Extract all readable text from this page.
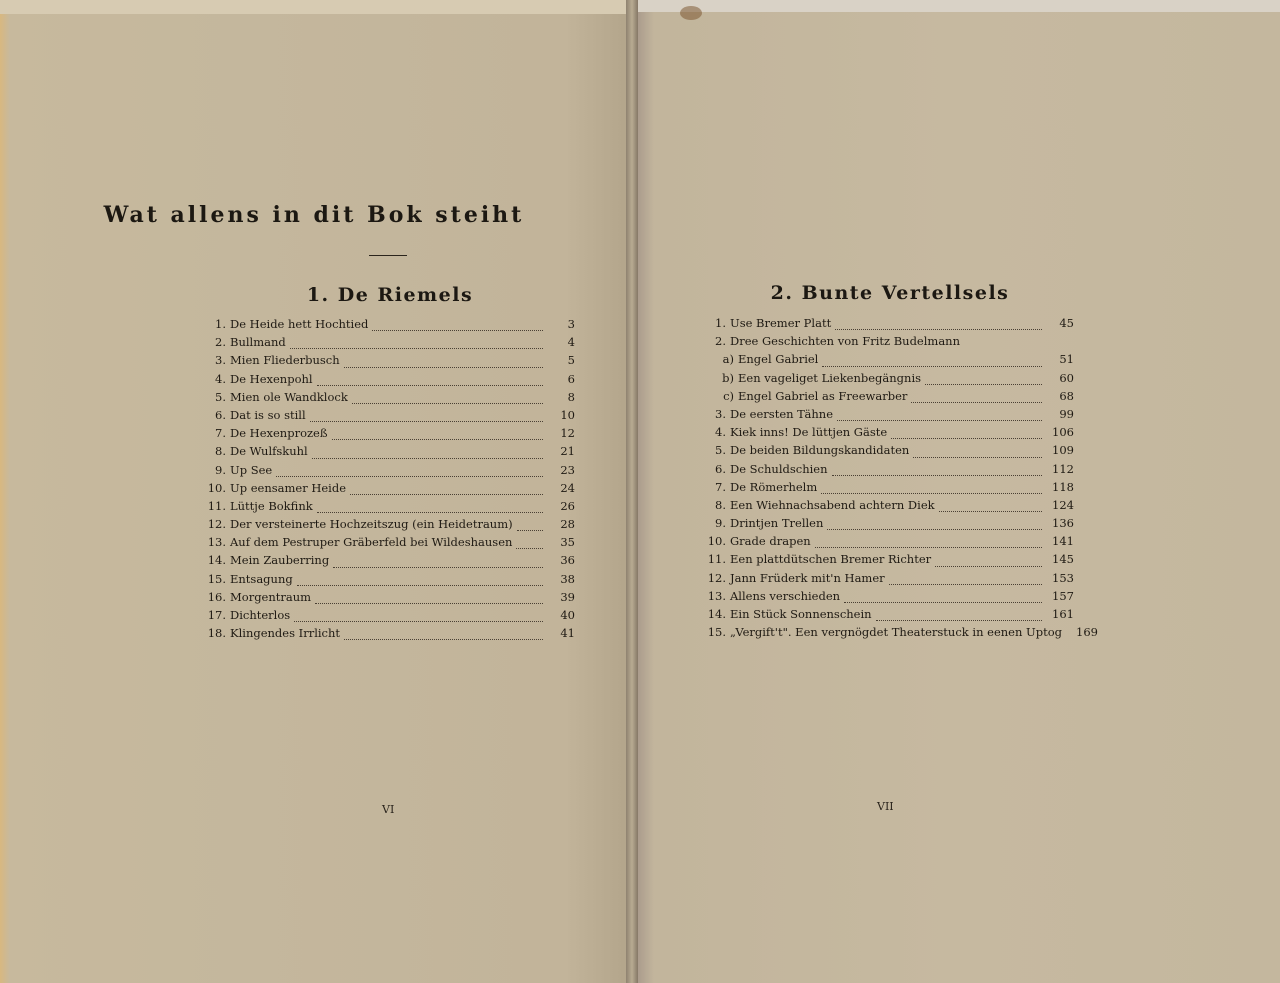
Wat allens in dit Bok steiht
1. De Riemels	2. Bunte Vertellsels
1. De Heide hett Hochtied	3
2. Bullmand	4
3. Mien Fliederbusch	5
4. De Hexenpohl	6
5. Mien ole Wandklock	8
6. Dat is so still	10
7. De Hexenprozeß	12
8. De Wulfskuhl	21
9. Up See	23
10. Up eensamer Heide	24
11. Lüttje Bokfink	26
12. Der versteinerte Hochzeitszug (ein Heidetraum)	28
13. Auf dem Pestruper Gräberfeld bei Wildeshausen	35
14. Mein Zauberring	36
15. Entsagung	38
16. Morgentraum	39
17. Dichterlos	40
18. Klingendes Irrlicht	41
1. Use Bremer Platt	45
2. Dree Geschichten von Fritz Budelmann
a) Engel Gabriel	51
b) Een vageliget Liekenbegängnis	60
c) Engel Gabriel as Freewarber	68
3. De eersten Tähne	99
4. Kiek inns! De lüttjen Gäste	106
5. De beiden Bildungskandidaten	109
6. De Schuldschien	112
7. De Römerhelm	118
8. Een Wiehnachsabend achtern Diek	124
9. Drintjen Trellen	136
10. Grade drapen	141
11. Een plattdütschen Bremer Richter	145
12. Jann Früderk mit'n Hamer	153
13. Allens verschieden	157
14. Ein Stück Sonnenschein	161
15. „Vergift't". Een vergnögdet Theaterstuck in eenen Uptog	169
VI	VII
